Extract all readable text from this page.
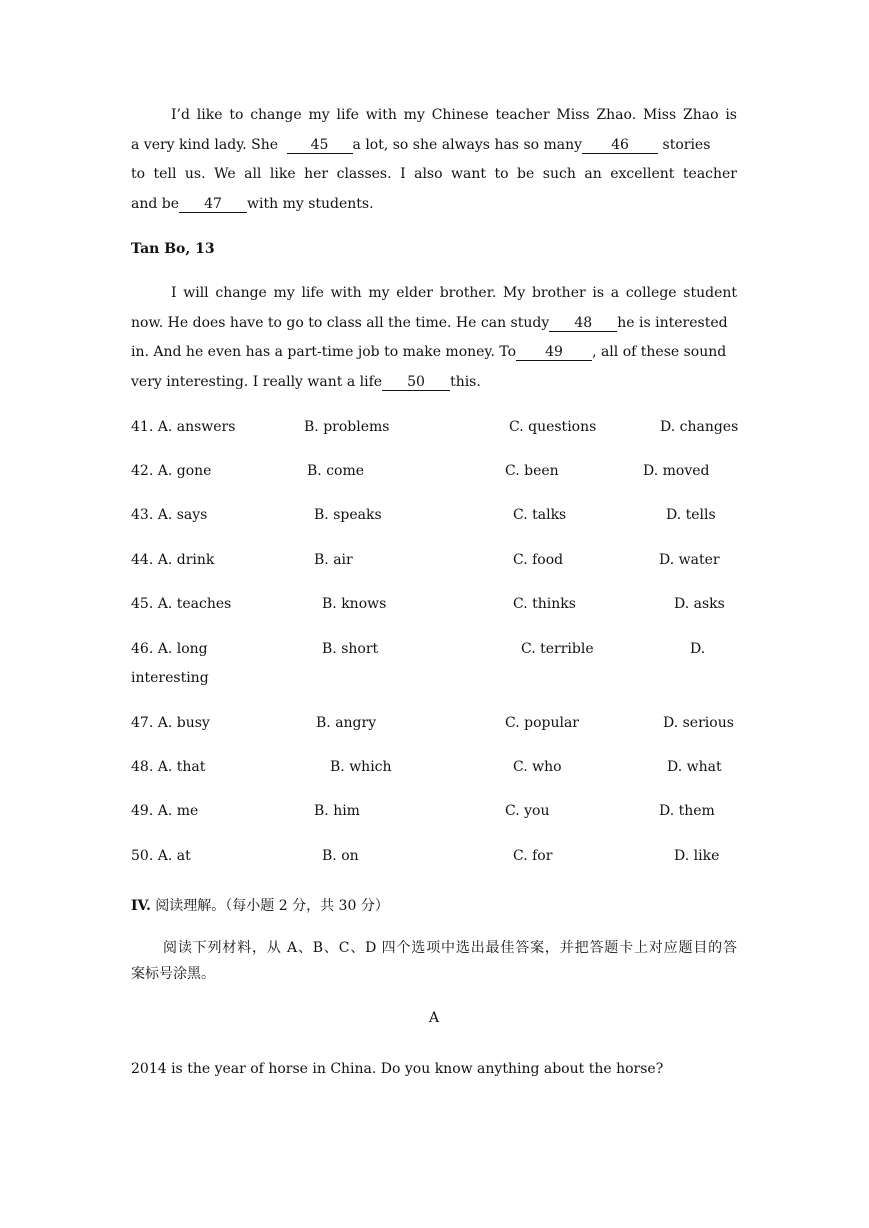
I’d like to change my life with my Chinese teacher Miss Zhao. Miss Zhao is
a very kind lady. She 45 a lot, so she always has so many 46 stories
to tell us. We all like her classes. I also want to be such an excellent teacher
and be 47 with my students.
Tan Bo, 13
I will change my life with my elder brother. My brother is a college student
now. He does have to go to class all the time. He can study 48 he is interested
in. And he even has a part-time job to make money. To 49 , all of these sound
very interesting. I really want a life 50 this.
41. A. answers	B. problems	C. questions	D. changes
42. A. gone	B. come	C. been	D. moved
43. A. says	B. speaks	C. talks	D. tells
44. A. drink	B. air	C. food	D. water
45. A. teaches	B. knows	C. thinks	D. asks
46. A. long	B. short	C. terrible	D.
interesting
47. A. busy	B. angry	C. popular	D. serious
48. A. that	B. which	C. who	D. what
49. A. me	B. him	C. you	D. them
50. A. at	B. on	C. for	D. like
IV. 阅读理解。（每小题 2 分，共 30 分）
阅读下列材料，从 A、B、C、D 四个选项中选出最佳答案，并把答题卡上对应题目的答
案标号涂黑。
A
2014 is the year of horse in China. Do you know anything about the horse?
